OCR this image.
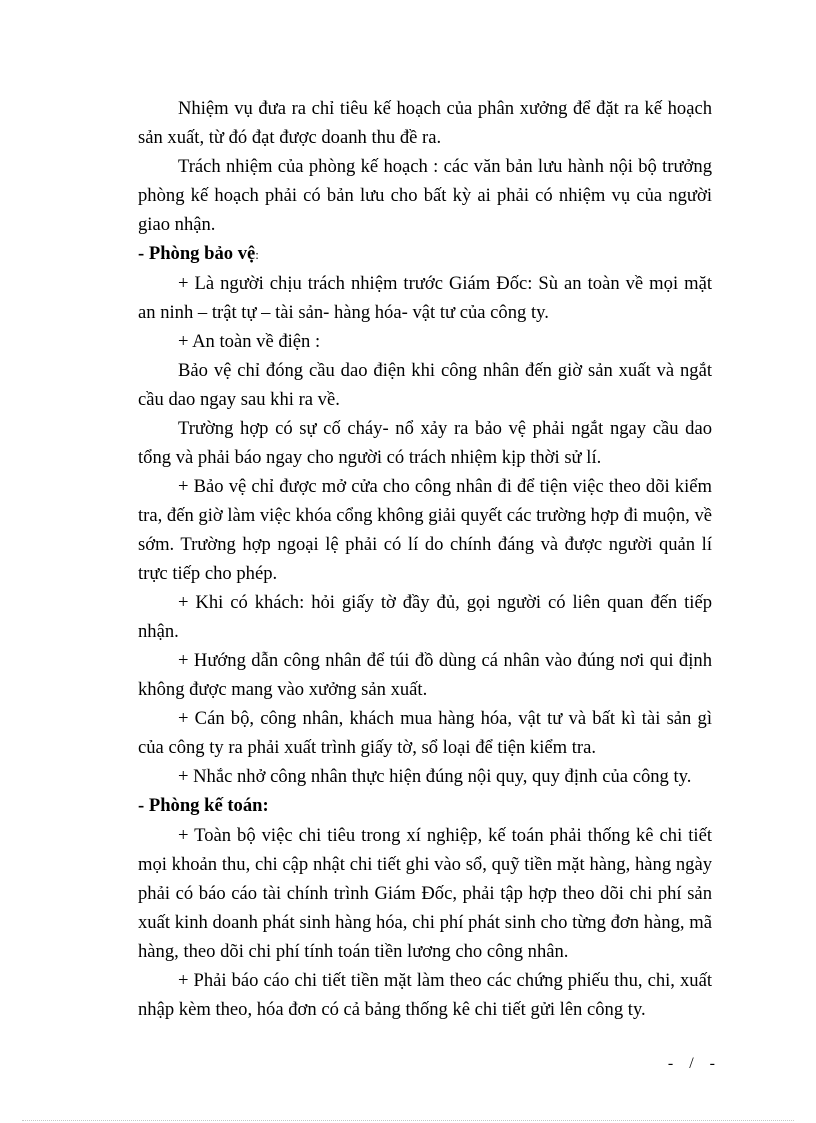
Nhiệm vụ đưa ra chỉ tiêu kế hoạch của phân xưởng để đặt ra kế hoạch sản xuất, từ đó đạt được doanh thu đề ra.

Trách nhiệm của phòng kế hoạch : các văn bản lưu hành nội bộ trưởng phòng kế hoạch phải có bản lưu cho bất kỳ ai phải có nhiệm vụ của người giao nhận.

- Phòng bảo vệ:

+ Là người chịu trách nhiệm trước Giám Đốc: Sù an toàn về mọi mặt an ninh – trật tự – tài sản- hàng hóa- vật tư của công ty.

+ An toàn về điện :

Bảo vệ chỉ đóng cầu dao điện khi công nhân đến giờ sản xuất và ngắt cầu dao ngay sau khi ra về.

Trường hợp có sự cố cháy- nổ xảy ra bảo vệ phải ngắt ngay cầu dao tổng và phải báo ngay cho người có trách nhiệm kịp thời sử lí.

+ Bảo vệ chỉ được mở cửa cho công nhân đi để tiện việc theo dõi kiểm tra, đến giờ làm việc khóa cổng không giải quyết các trường hợp đi muộn, về sớm. Trường hợp ngoại lệ phải có lí do chính đáng và được người quản lí trực tiếp cho phép.

+ Khi có khách: hỏi giấy tờ đầy đủ, gọi người có liên quan đến tiếp nhận.

+ Hướng dẫn công nhân để túi đồ dùng cá nhân vào đúng nơi qui định không được mang vào xưởng sản xuất.

+ Cán bộ, công nhân, khách mua hàng hóa, vật tư và bất kì tài sản gì của công ty ra phải xuất trình giấy tờ, sổ loại để tiện kiểm tra.

+ Nhắc nhở công nhân thực hiện đúng nội quy, quy định của công ty.

- Phòng kế toán:

+ Toàn bộ việc chi tiêu trong xí nghiệp, kế toán phải thống kê chi tiết mọi khoản thu, chi cập nhật chi tiết ghi vào sổ, quỹ tiền mặt hàng, hàng ngày phải có báo cáo tài chính trình Giám Đốc, phải tập hợp theo dõi chi phí sản xuất kinh doanh phát sinh hàng hóa, chi phí phát sinh cho từng đơn hàng, mã hàng, theo dõi chi phí tính toán tiền lương cho công nhân.

+ Phải báo cáo chi tiết tiền mặt làm theo các chứng phiếu thu, chi, xuất nhập kèm theo, hóa đơn có cả bảng thống kê chi tiết gửi lên công ty.

- / -
